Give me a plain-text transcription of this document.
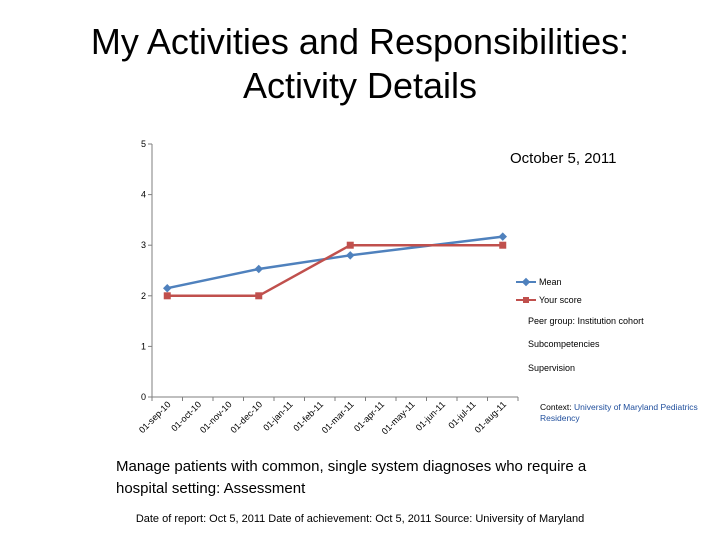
My Activities and Responsibilities:
Activity Details
0
1
2
3
4
5
01-sep-10
01-oct-10
01-nov-10
01-dec-10
01-jan-11
01-feb-11
01-mar-11
01-apr-11
01-may-11
01-jun-11 01-jul-11
01-aug-11
Mean
Your score
October 5, 2011
Peer group: Institution cohort
Subcompetencies
Supervision
Context: University of Maryland Pediatrics Residency
Manage patients with common, single system diagnoses who require a hospital setting: Assessment
Date of report: Oct 5, 2011 Date of achievement: Oct 5, 2011 Source: University of Maryland
